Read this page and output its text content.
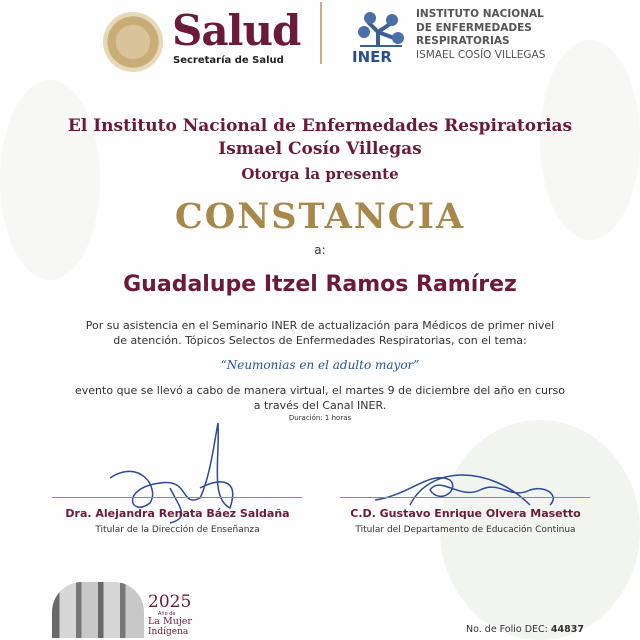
Salud
Secretaría de Salud	INER
INSTITUTO NACIONAL
DE ENFERMEDADES
RESPIRATORIAS
ISMAEL COSÍO VILLEGAS
El Instituto Nacional de Enfermedades Respiratorias
Ismael Cosío Villegas
Otorga la presente
CONSTANCIA
a:
Guadalupe Itzel Ramos Ramírez
Por su asistencia en el Seminario INER de actualización para Médicos de primer nivel de atención. Tópicos Selectos de Enfermedades Respiratorias, con el tema:
“Neumonias en el adulto mayor”
evento que se llevó a cabo de manera virtual, el martes 9 de diciembre del año en curso a través del Canal INER.
Duración: 1 horas
Dra. Alejandra Renata Báez Saldaña
Titular de la Dirección de Enseñanza
C.D. Gustavo Enrique Olvera Masetto
Titular del Departamento de Educación Continua
2025
Año de
La Mujer
Indígena	No. de Folio DEC: 44837
